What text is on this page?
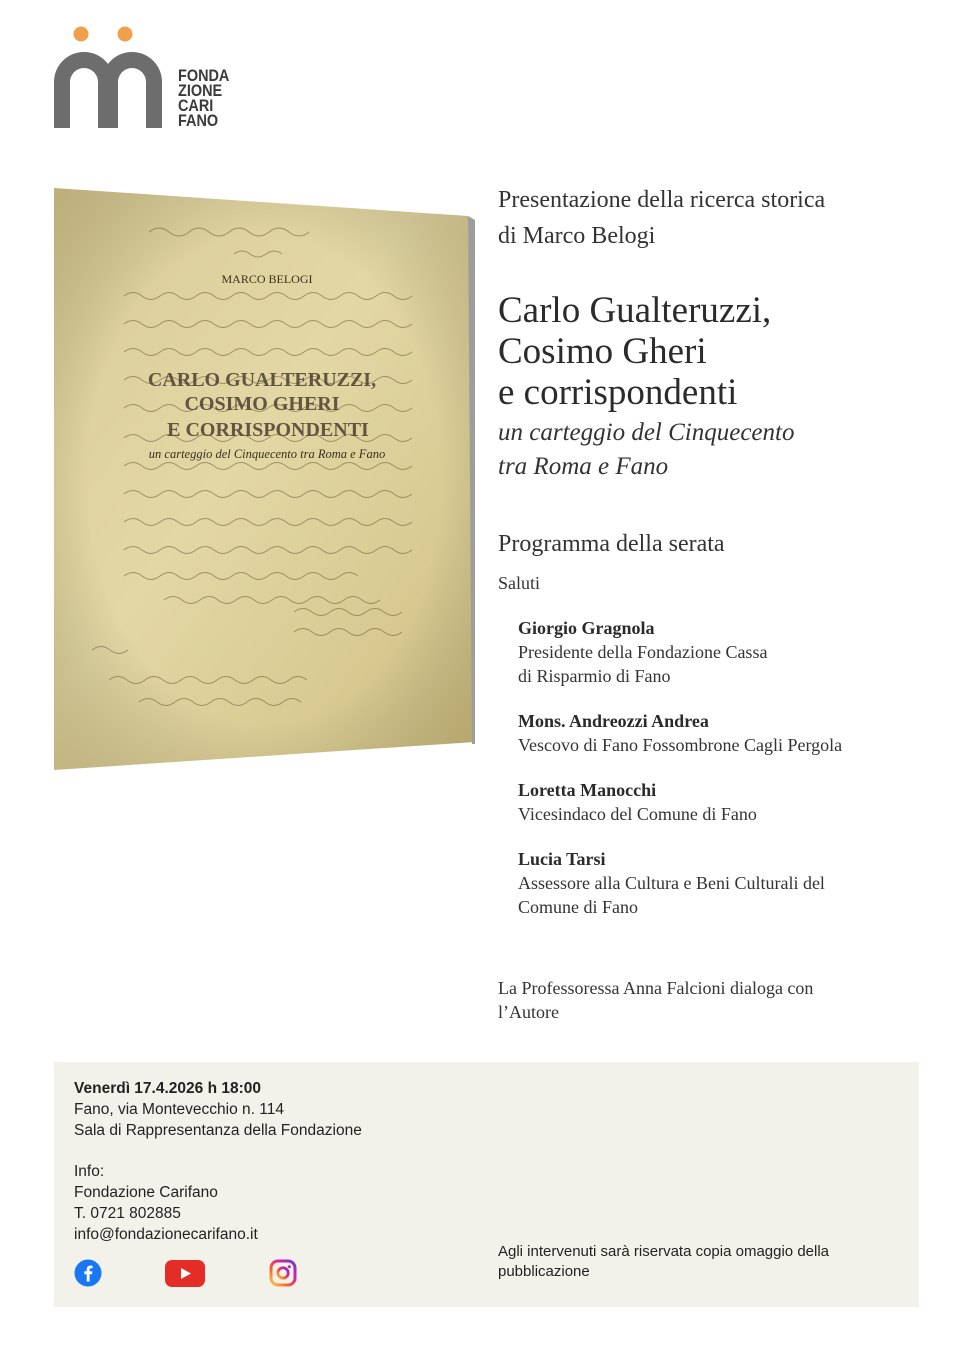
FONDA
ZIONE
CARI
FANO
MARCO BELOGI
CARLO GUALTERUZZI,
COSIMO GHERI
E CORRISPONDENTI
un carteggio del Cinquecento tra Roma e Fano
Presentazione della ricerca storica
di Marco Belogi
Carlo Gualteruzzi,
Cosimo Gheri
e corrispondenti
un carteggio del Cinquecento
tra Roma e Fano
Programma della serata
Saluti
Giorgio Gragnola
Presidente della Fondazione Cassa
di Risparmio di Fano
Mons. Andreozzi Andrea
Vescovo di Fano Fossombrone Cagli Pergola
Loretta Manocchi
Vicesindaco del Comune di Fano
Lucia Tarsi
Assessore alla Cultura e Beni Culturali del
Comune di Fano
La Professoressa Anna Falcioni dialoga con
l’Autore
Venerdì 17.4.2026 h 18:00
Fano, via Montevecchio n. 114
Sala di Rappresentanza della Fondazione
Info:
Fondazione Carifano
T. 0721 802885
info@fondazionecarifano.it
Agli intervenuti sarà riservata copia omaggio della
pubblicazione
